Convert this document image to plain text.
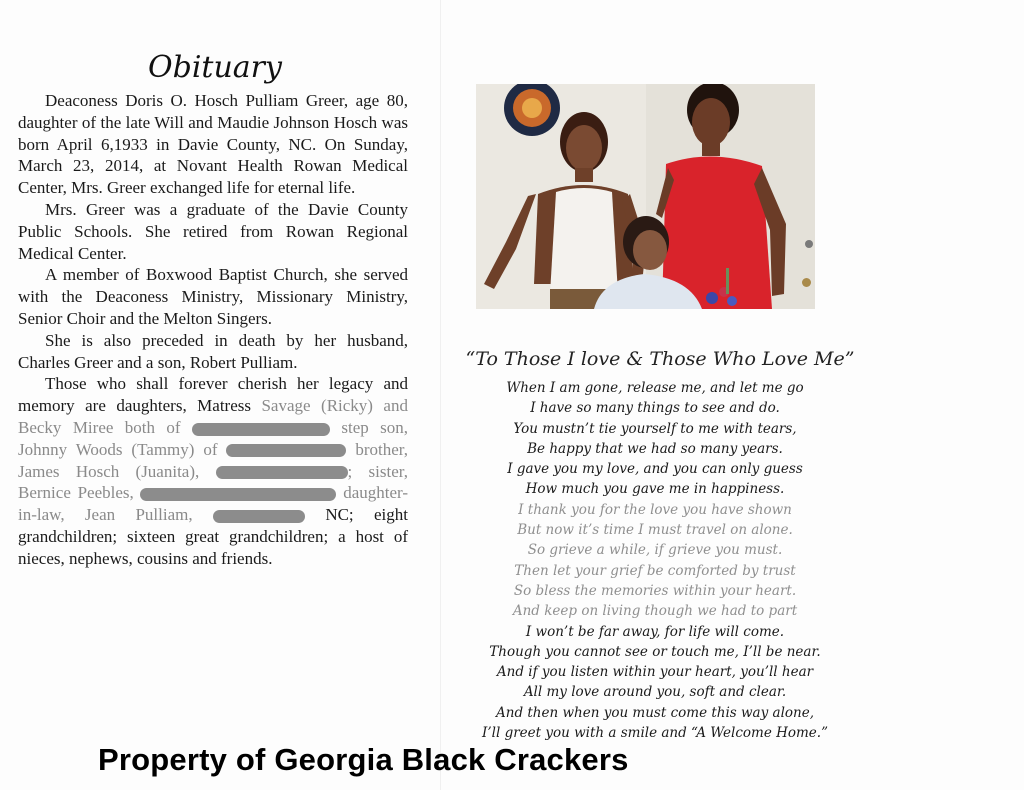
Obituary

Deaconess Doris O. Hosch Pulliam Greer, age 80, daughter of the late Will and Maudie Johnson Hosch was born April 6,1933 in Davie County, NC. On Sunday, March 23, 2014, at Novant Health Rowan Medical Center, Mrs. Greer exchanged life for eternal life.

Mrs. Greer was a graduate of the Davie County Public Schools. She retired from Rowan Regional Medical Center.

A member of Boxwood Baptist Church, she served with the Deaconess Ministry, Missionary Ministry, Senior Choir and the Melton Singers.

She is also preceded in death by her husband, Charles Greer and a son, Robert Pulliam.

Those who shall forever cherish her legacy and memory are daughters, Matress Savage (Ricky) and Becky Miree both of	step son, Johnny Woods (Tammy) of	brother, James Hosch (Juanita),	; sister, Bernice Peebles,	daughter-in-law, Jean Pulliam,	NC; eight grandchildren; sixteen great grandchildren; a host of nieces, nephews, cousins and friends.

“To Those I love & Those Who Love Me”
When I am gone, release me, and let me go
I have so many things to see and do.
You mustn’t tie yourself to me with tears,
Be happy that we had so many years.
I gave you my love, and you can only guess
How much you gave me in happiness.
I thank you for the love you have shown
But now it’s time I must travel on alone.
So grieve a while, if grieve you must.
Then let your grief be comforted by trust
So bless the memories within your heart.
And keep on living though we had to part
I won’t be far away, for life will come.
Though you cannot see or touch me, I’ll be near.
And if you listen within your heart, you’ll hear
All my love around you, soft and clear.
And then when you must come this way alone,
I’ll greet you with a smile and “A Welcome Home.”
Property of Georgia Black Crackers
